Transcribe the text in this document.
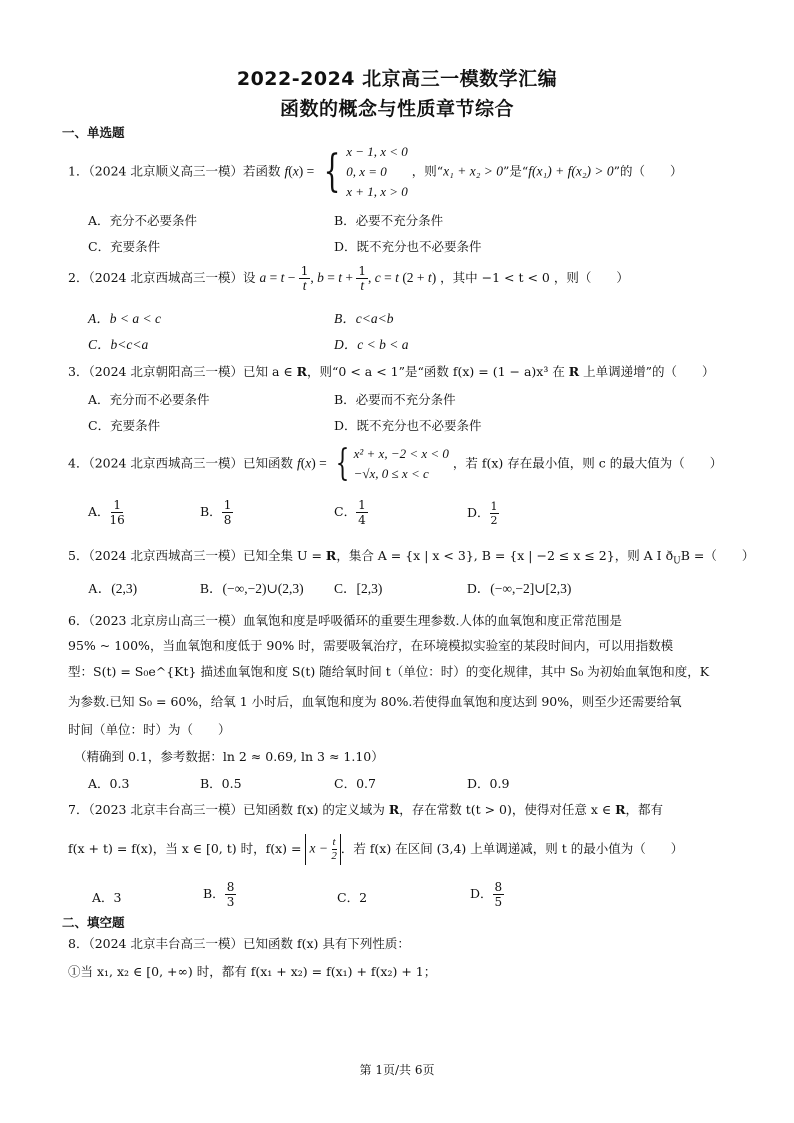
2022-2024 北京高三一模数学汇编
函数的概念与性质章节综合
一、单选题
1．（2024 北京顺义高三一模）若函数 f(x) = { x − 1, x < 0
0, x = 0
x + 1, x > 0
，则“x₁ + x₂ > 0”是“f(x₁) + f(x₂) > 0”的（　　）
A．充分不必要条件	B．必要不充分条件
C．充要条件	D．既不充分也不必要条件
2．（2024 北京西城高三一模）设 $a = t - \frac{1}{t}$ , $b = t + \frac{1}{t}$ , c = t (2 + t) ，其中 −1 < t < 0 ，则（　　）
A．b < a < c	B．c<a<b
C．b<c<a	D．c < b < a
3．（2024 北京朝阳高三一模）已知 a ∈ R，则“0 < a < 1”是“函数 f(x) = (1 − a)x³ 在 R 上单调递增”的（　　）
A．充分而不必要条件	B．必要而不充分条件
C．充要条件	D．既不充分也不必要条件
4．（2024 北京西城高三一模）已知函数 f(x) = { x² + x, −2 < x < 0
−√x, 0 ≤ x < c
，若 f(x) 存在最小值，则 c 的最大值为（　　）
A． $\frac{1}{16}$	B． $\frac{1}{8}$	C． $\frac{1}{4}$	D． $\frac{1}{2}$
5．（2024 北京西城高三一模）已知全集 U = R，集合 A = {x | x < 3}, B = {x | −2 ≤ x ≤ 2}，则 A I $ð_UB$ =（　　）
A．(2,3)	B．(−∞,−2)∪(2,3) C．[2,3)	D．(−∞,−2]∪[2,3)
6．（2023 北京房山高三一模）血氧饱和度是呼吸循环的重要生理参数.人体的血氧饱和度正常范围是
95% ~ 100%，当血氧饱和度低于 90% 时，需要吸氧治疗，在环境模拟实验室的某段时间内，可以用指数模
型：S(t) = S₀e^{Kt} 描述血氧饱和度 S(t) 随给氧时间 t（单位：时）的变化规律，其中 S₀ 为初始血氧饱和度，K
为参数.已知 S₀ = 60%，给氧 1 小时后，血氧饱和度为 80%.若使得血氧饱和度达到 90%，则至少还需要给氧
时间（单位：时）为（　　）
（精确到 0.1，参考数据：ln 2 ≈ 0.69, ln 3 ≈ 1.10）
A．0.3	B．0.5	C．0.7	D．0.9
7．（2023 北京丰台高三一模）已知函数 f(x) 的定义域为 R，存在常数 t(t > 0)，使得对任意 x ∈ R，都有
f(x + t) = f(x)，当 x ∈ [0, t) 时，$f(x) = x - \frac{t}{2}$ ．若 f(x) 在区间 (3,4) 上单调递减，则 t 的最小值为（　　）
A．3	B． $\frac{8}{3}$	C．2	D． $\frac{8}{5}$
二、填空题
8．（2024 北京丰台高三一模）已知函数 f(x) 具有下列性质：
①当 x₁, x₂ ∈ [0, +∞) 时，都有 f(x₁ + x₂) = f(x₁) + f(x₂) + 1；
第 1页/共 6页
